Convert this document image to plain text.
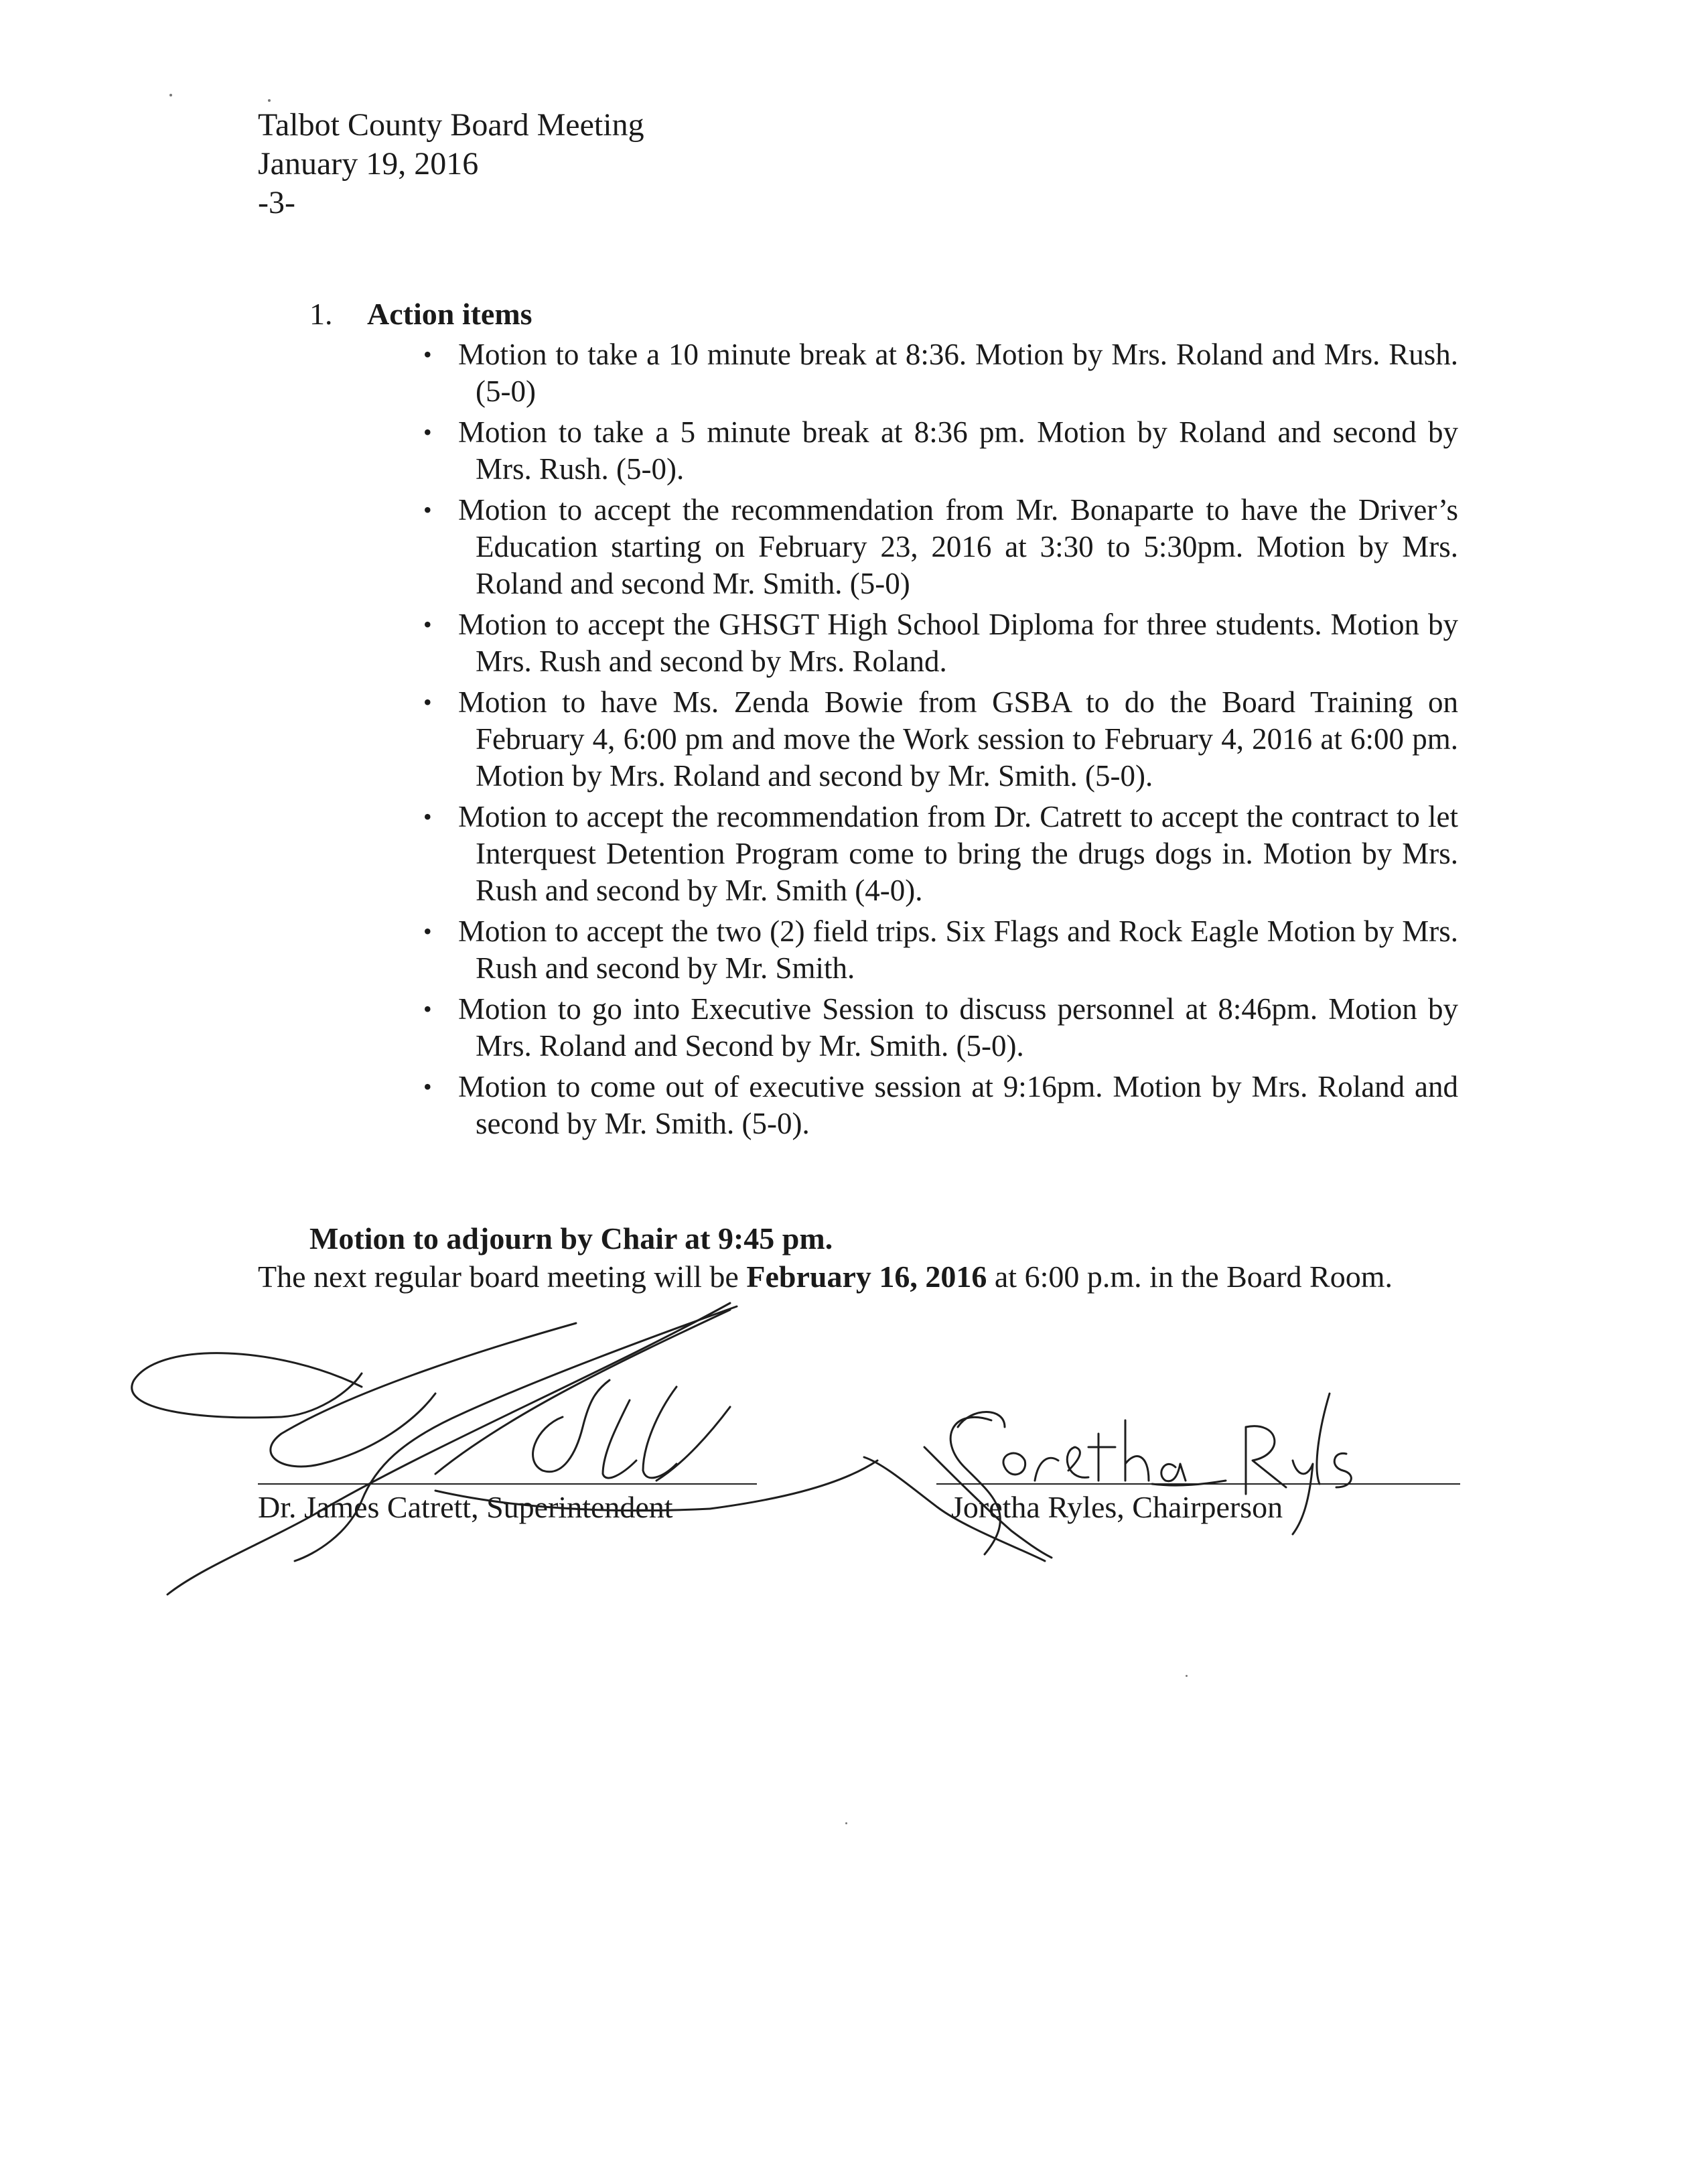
Talbot County Board Meeting
January 19, 2016
-3-
1.	Action items
• Motion to take a 10 minute break at 8:36. Motion by Mrs. Roland and Mrs. Rush.(5-0)
• Motion to take a 5 minute break at 8:36 pm. Motion by Roland and second by Mrs. Rush. (5-0).
• Motion to accept the recommendation from Mr. Bonaparte to have the Driver’s Education starting on February 23, 2016 at 3:30 to 5:30pm. Motion by Mrs. Roland and second Mr. Smith. (5-0)
• Motion to accept the GHSGT High School Diploma for three students. Motion by Mrs. Rush and second by Mrs. Roland.
• Motion to have Ms. Zenda Bowie from GSBA to do the Board Training on February 4, 6:00 pm and move the Work session to February 4, 2016 at 6:00 pm. Motion by Mrs. Roland and second by Mr. Smith. (5-0).
• Motion to accept the recommendation from Dr. Catrett to accept the contract to let Interquest Detention Program come to bring the drugs dogs in. Motion by Mrs. Rush and second by Mr. Smith (4-0).
• Motion to accept the two (2) field trips. Six Flags and Rock Eagle Motion by Mrs. Rush and second by Mr. Smith.
• Motion to go into Executive Session to discuss personnel at 8:46pm. Motion by Mrs. Roland and Second by Mr. Smith. (5-0).
• Motion to come out of executive session at 9:16pm. Motion by Mrs. Roland and second by Mr. Smith. (5-0).
Motion to adjourn by Chair at 9:45 pm.
The next regular board meeting will be February 16, 2016 at 6:00 p.m. in the Board Room.
Dr. James Catrett, Superintendent	Joretha Ryles, Chairperson
